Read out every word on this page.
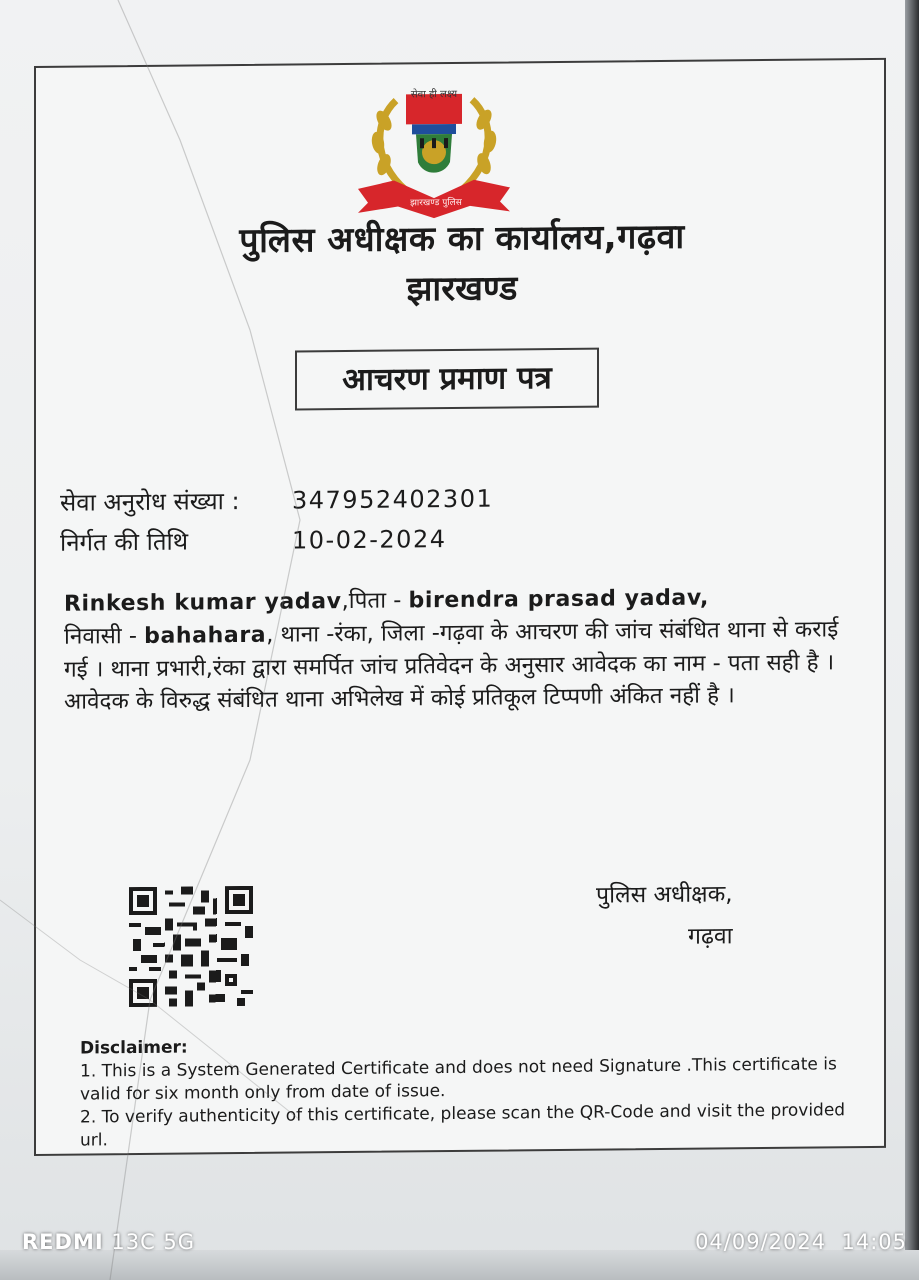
सेवा ही लक्ष्य
झारखण्ड पुलिस
पुलिस अधीक्षक का कार्यालय,गढ़वा
झारखण्ड
आचरण प्रमाण पत्र
सेवा अनुरोध संख्या : 347952402301
निर्गत की तिथि	10-02-2024
Rinkesh kumar yadav,पिता - birendra prasad yadav,
निवासी - bahahara, थाना -रंका, जिला -गढ़वा के आचरण की जांच संबंधित थाना से कराई गई । थाना प्रभारी,रंका द्वारा समर्पित जांच प्रतिवेदन के अनुसार आवेदक का नाम - पता सही है । आवेदक के विरुद्ध संबंधित थाना अभिलेख में कोई प्रतिकूल टिप्पणी अंकित नहीं है ।
पुलिस अधीक्षक,
गढ़वा
Disclaimer:
1. This is a System Generated Certificate and does not need Signature .This certificate is valid for six month only from date of issue.
2. To verify authenticity of this certificate, please scan the QR-Code and visit the provided url.
REDMI 13C 5G	04/09/2024 14:05
